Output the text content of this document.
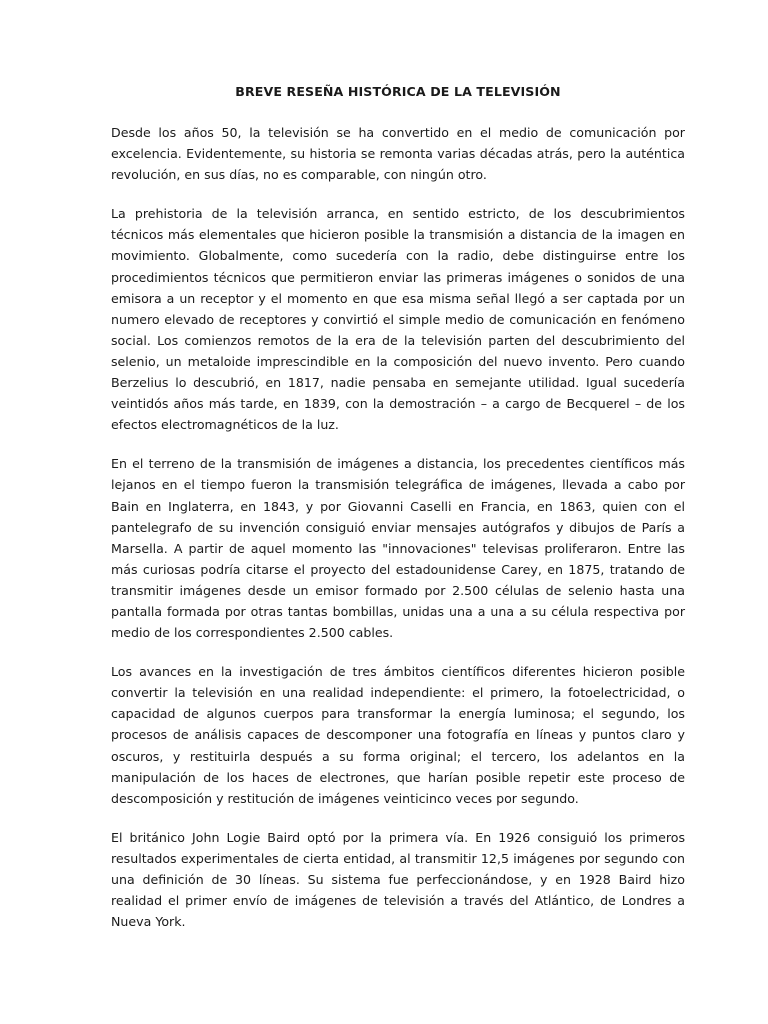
BREVE RESEÑA HISTÓRICA DE LA TELEVISIÓN

Desde los años 50, la televisión se ha convertido en el medio de comunicación por excelencia. Evidentemente, su historia se remonta varias décadas atrás, pero la auténtica revolución, en sus días, no es comparable, con ningún otro.

La prehistoria de la televisión arranca, en sentido estricto, de los descubrimientos técnicos más elementales que hicieron posible la transmisión a distancia de la imagen en movimiento. Globalmente, como sucedería con la radio, debe distinguirse entre los procedimientos técnicos que permitieron enviar las primeras imágenes o sonidos de una emisora a un receptor y el momento en que esa misma señal llegó a ser captada por un numero elevado de receptores y convirtió el simple medio de comunicación en fenómeno social. Los comienzos remotos de la era de la televisión parten del descubrimiento del selenio, un metaloide imprescindible en la composición del nuevo invento. Pero cuando Berzelius lo descubrió, en 1817, nadie pensaba en semejante utilidad. Igual sucedería veintidós años más tarde, en 1839, con la demostración – a cargo de Becquerel – de los efectos electromagnéticos de la luz.

En el terreno de la transmisión de imágenes a distancia, los precedentes científicos más lejanos en el tiempo fueron la transmisión telegráfica de imágenes, llevada a cabo por Bain en Inglaterra, en 1843, y por Giovanni Caselli en Francia, en 1863, quien con el pantelegrafo de su invención consiguió enviar mensajes autógrafos y dibujos de París a Marsella. A partir de aquel momento las "innovaciones" televisas proliferaron. Entre las más curiosas podría citarse el proyecto del estadounidense Carey, en 1875, tratando de transmitir imágenes desde un emisor formado por 2.500 células de selenio hasta una pantalla formada por otras tantas bombillas, unidas una a una a su célula respectiva por medio de los correspondientes 2.500 cables.

Los avances en la investigación de tres ámbitos científicos diferentes hicieron posible convertir la televisión en una realidad independiente: el primero, la fotoelectricidad, o capacidad de algunos cuerpos para transformar la energía luminosa; el segundo, los procesos de análisis capaces de descomponer una fotografía en líneas y puntos claro y oscuros, y restituirla después a su forma original; el tercero, los adelantos en la manipulación de los haces de electrones, que harían posible repetir este proceso de descomposición y restitución de imágenes veinticinco veces por segundo.

El británico John Logie Baird optó por la primera vía. En 1926 consiguió los primeros resultados experimentales de cierta entidad, al transmitir 12,5 imágenes por segundo con una definición de 30 líneas. Su sistema fue perfeccionándose, y en 1928 Baird hizo realidad el primer envío de imágenes de televisión a través del Atlántico, de Londres a Nueva York.
